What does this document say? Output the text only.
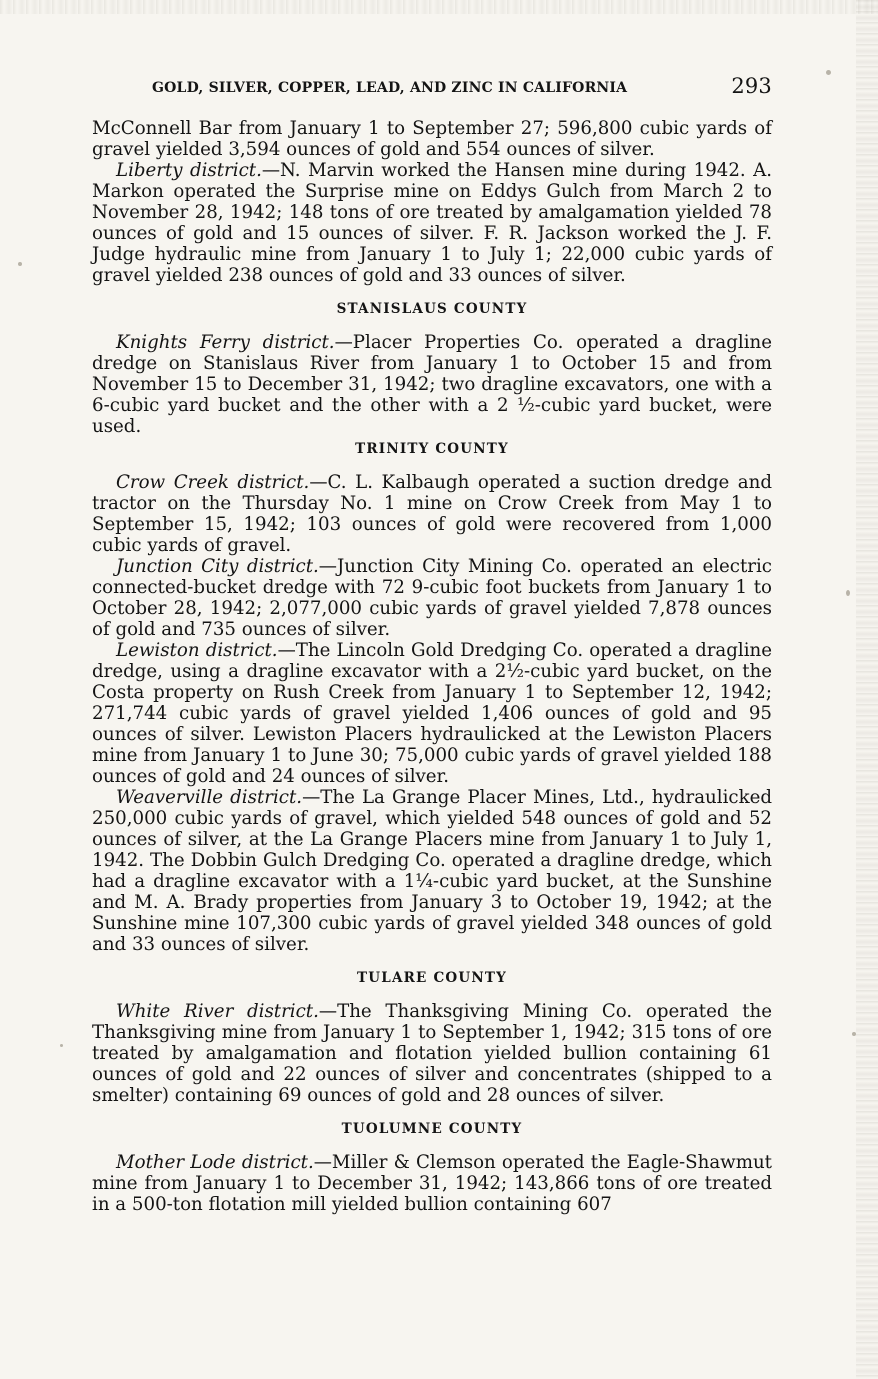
GOLD, SILVER, COPPER, LEAD, AND ZINC IN CALIFORNIA	293

McConnell Bar from January 1 to September 27; 596,800 cubic yards of gravel yielded 3,594 ounces of gold and 554 ounces of silver.

Liberty district.—N. Marvin worked the Hansen mine during 1942. A. Markon operated the Surprise mine on Eddys Gulch from March 2 to November 28, 1942; 148 tons of ore treated by amalgamation yielded 78 ounces of gold and 15 ounces of silver. F. R. Jackson worked the J. F. Judge hydraulic mine from January 1 to July 1; 22,000 cubic yards of gravel yielded 238 ounces of gold and 33 ounces of silver.

STANISLAUS COUNTY

Knights Ferry district.—Placer Properties Co. operated a dragline dredge on Stanislaus River from January 1 to October 15 and from November 15 to December 31, 1942; two dragline excavators, one with a 6-cubic yard bucket and the other with a 2 ½-cubic yard bucket, were used.

TRINITY COUNTY

Crow Creek district.—C. L. Kalbaugh operated a suction dredge and tractor on the Thursday No. 1 mine on Crow Creek from May 1 to September 15, 1942; 103 ounces of gold were recovered from 1,000 cubic yards of gravel.

Junction City district.—Junction City Mining Co. operated an electric connected-bucket dredge with 72 9-cubic foot buckets from January 1 to October 28, 1942; 2,077,000 cubic yards of gravel yielded 7,878 ounces of gold and 735 ounces of silver.

Lewiston district.—The Lincoln Gold Dredging Co. operated a dragline dredge, using a dragline excavator with a 2½-cubic yard bucket, on the Costa property on Rush Creek from January 1 to September 12, 1942; 271,744 cubic yards of gravel yielded 1,406 ounces of gold and 95 ounces of silver. Lewiston Placers hydraulicked at the Lewiston Placers mine from January 1 to June 30; 75,000 cubic yards of gravel yielded 188 ounces of gold and 24 ounces of silver.

Weaverville district.—The La Grange Placer Mines, Ltd., hydraulicked 250,000 cubic yards of gravel, which yielded 548 ounces of gold and 52 ounces of silver, at the La Grange Placers mine from January 1 to July 1, 1942. The Dobbin Gulch Dredging Co. operated a dragline dredge, which had a dragline excavator with a 1¼-cubic yard bucket, at the Sunshine and M. A. Brady properties from January 3 to October 19, 1942; at the Sunshine mine 107,300 cubic yards of gravel yielded 348 ounces of gold and 33 ounces of silver.

TULARE COUNTY

White River district.—The Thanksgiving Mining Co. operated the Thanksgiving mine from January 1 to September 1, 1942; 315 tons of ore treated by amalgamation and flotation yielded bullion containing 61 ounces of gold and 22 ounces of silver and concentrates (shipped to a smelter) containing 69 ounces of gold and 28 ounces of silver.

TUOLUMNE COUNTY

Mother Lode district.—Miller & Clemson operated the Eagle-Shawmut mine from January 1 to December 31, 1942; 143,866 tons of ore treated in a 500-ton flotation mill yielded bullion containing 607
